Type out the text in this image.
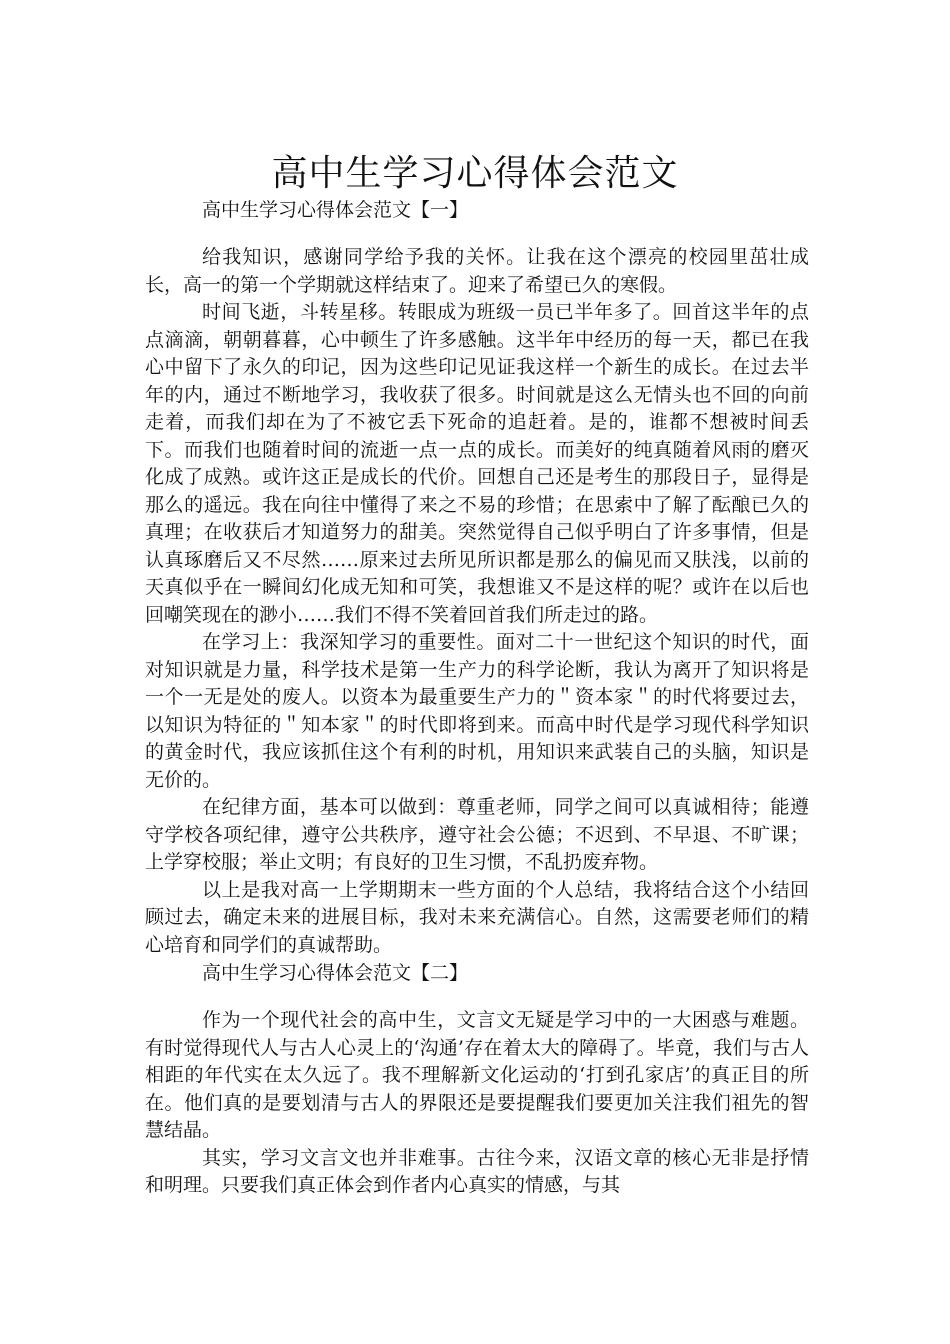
高中生学习心得体会范文

高中生学习心得体会范文【一】

给我知识，感谢同学给予我的关怀。让我在这个漂亮的校园里茁壮成长，高一的第一个学期就这样结束了。迎来了希望已久的寒假。

时间飞逝，斗转星移。转眼成为班级一员已半年多了。回首这半年的点点滴滴，朝朝暮暮，心中顿生了许多感触。这半年中经历的每一天，都已在我心中留下了永久的印记，因为这些印记见证我这样一个新生的成长。在过去半年的内，通过不断地学习，我收获了很多。时间就是这么无情头也不回的向前走着，而我们却在为了不被它丢下死命的追赶着。是的，谁都不想被时间丢下。而我们也随着时间的流逝一点一点的成长。而美好的纯真随着风雨的磨灭化成了成熟。或许这正是成长的代价。回想自己还是考生的那段日子，显得是那么的遥远。我在向往中懂得了来之不易的珍惜；在思索中了解了酝酿已久的真理；在收获后才知道努力的甜美。突然觉得自己似乎明白了许多事情，但是认真琢磨后又不尽然……原来过去所见所识都是那么的偏见而又肤浅，以前的天真似乎在一瞬间幻化成无知和可笑，我想谁又不是这样的呢？或许在以后也回嘲笑现在的渺小……我们不得不笑着回首我们所走过的路。

在学习上：我深知学习的重要性。面对二十一世纪这个知识的时代，面对知识就是力量，科学技术是第一生产力的科学论断，我认为离开了知识将是一个一无是处的废人。以资本为最重要生产力的＂资本家＂的时代将要过去，以知识为特征的＂知本家＂的时代即将到来。而高中时代是学习现代科学知识的黄金时代，我应该抓住这个有利的时机，用知识来武装自己的头脑，知识是无价的。

在纪律方面，基本可以做到：尊重老师，同学之间可以真诚相待；能遵守学校各项纪律，遵守公共秩序，遵守社会公德；不迟到、不早退、不旷课；上学穿校服；举止文明；有良好的卫生习惯，不乱扔废弃物。

以上是我对高一上学期期末一些方面的个人总结，我将结合这个小结回顾过去，确定未来的进展目标，我对未来充满信心。自然，这需要老师们的精心培育和同学们的真诚帮助。

高中生学习心得体会范文【二】

作为一个现代社会的高中生，文言文无疑是学习中的一大困惑与难题。有时觉得现代人与古人心灵上的‘沟通’存在着太大的障碍了。毕竟，我们与古人相距的年代实在太久远了。我不理解新文化运动的‘打到孔家店’的真正目的所在。他们真的是要划清与古人的界限还是要提醒我们要更加关注我们祖先的智慧结晶。

其实，学习文言文也并非难事。古往今来，汉语文章的核心无非是抒情和明理。只要我们真正体会到作者内心真实的情感，与其
